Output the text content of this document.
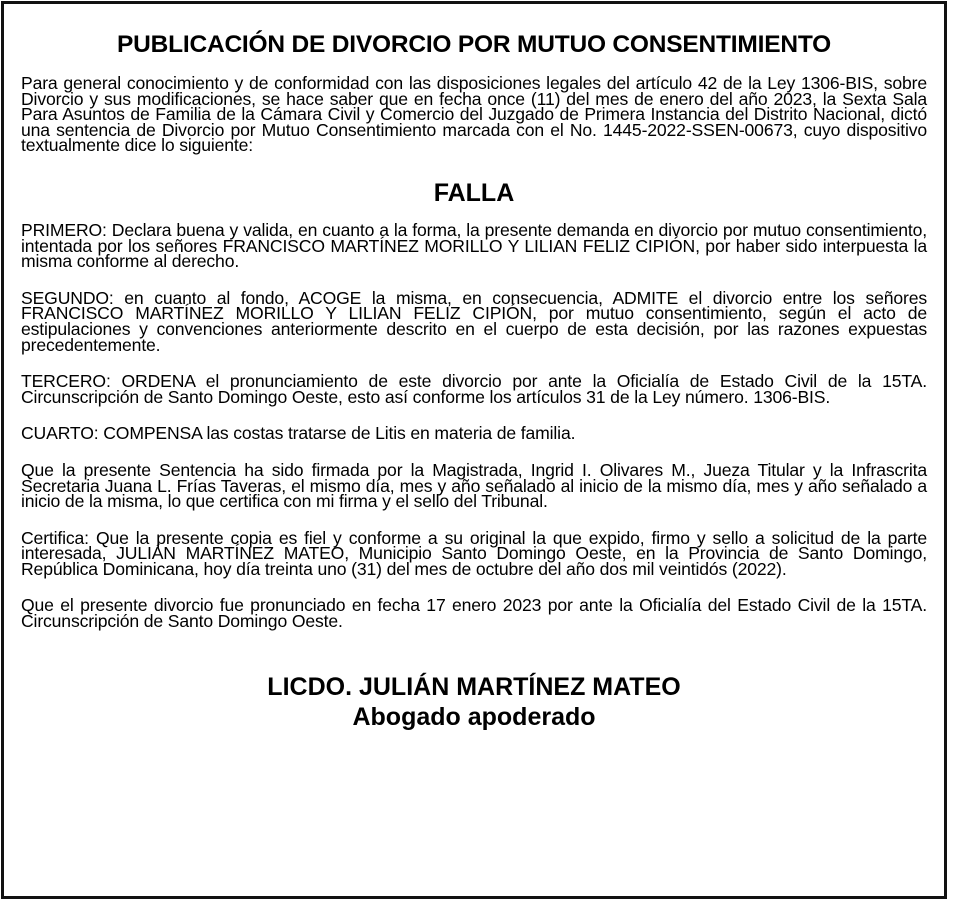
PUBLICACIÓN DE DIVORCIO POR MUTUO CONSENTIMIENTO

Para general conocimiento y de conformidad con las disposiciones legales del artículo 42 de la Ley 1306-BIS, sobre Divorcio y sus modificaciones, se hace saber que en fecha once (11) del mes de enero del año 2023, la Sexta Sala Para Asuntos de Familia de la Cámara Civil y Comercio del Juzgado de Primera Instancia del Distrito Nacional, dictó una sentencia de Divorcio por Mutuo Consentimiento marcada con el No. 1445-2022-SSEN-00673, cuyo dispositivo textualmente dice lo siguiente:

FALLA

PRIMERO: Declara buena y valida, en cuanto a la forma, la presente demanda en divorcio por mutuo consentimiento, intentada por los señores FRANCISCO MARTÍNEZ MORILLO Y LILIAN FELIZ CIPIÓN, por haber sido interpuesta la misma conforme al derecho.

SEGUNDO: en cuanto al fondo, ACOGE la misma, en consecuencia, ADMITE el divorcio entre los señores FRANCISCO MARTÍNEZ MORILLO Y LILIAN FELIZ CIPIÓN, por mutuo consentimiento, según el acto de estipulaciones y convenciones anteriormente descrito en el cuerpo de esta decisión, por las razones expuestas precedentemente.

TERCERO: ORDENA el pronunciamiento de este divorcio por ante la Oficialía de Estado Civil de la 15TA. Circunscripción de Santo Domingo Oeste, esto así conforme los artículos 31 de la Ley número. 1306-BIS.

CUARTO: COMPENSA las costas tratarse de Litis en materia de familia.

Que la presente Sentencia ha sido firmada por la Magistrada, Ingrid I. Olivares M., Jueza Titular y la Infrascrita Secretaria Juana L. Frías Taveras, el mismo día, mes y año señalado al inicio de la mismo día, mes y año señalado a inicio de la misma, lo que certifica con mi firma y el sello del Tribunal.

Certifica: Que la presente copia es fiel y conforme a su original la que expido, firmo y sello a solicitud de la parte interesada, JULIÁN MARTÍNEZ MATEO, Municipio Santo Domingo Oeste, en la Provincia de Santo Domingo, República Dominicana, hoy día treinta uno (31) del mes de octubre del año dos mil veintidós (2022).

Que el presente divorcio fue pronunciado en fecha 17 enero 2023 por ante la Oficialía del Estado Civil de la 15TA. Circunscripción de Santo Domingo Oeste.

LICDO. JULIÁN MARTÍNEZ MATEO
Abogado apoderado
